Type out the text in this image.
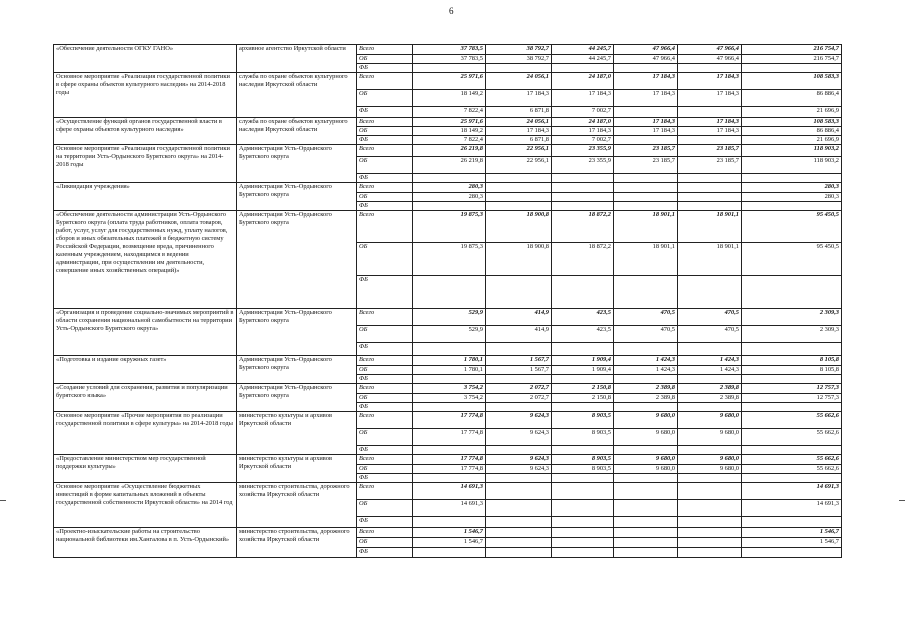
6
«Обеспечение деятельности ОГКУ ГАНО»	архивное агентство Иркутской области	Всего	37 783,5	38 792,7	44 245,7	47 966,4	47 966,4	216 754,7
		ОБ	37 783,5	38 792,7	44 245,7	47 966,4	47 966,4	216 754,7
		ФБ						
Основное мероприятие «Реализация государственной политики в сфере охраны объектов культурного наследия» на 2014-2018 годы	служба по охране объектов культурного наследия Иркутской области	Всего	25 971,6	24 056,1	24 187,0	17 184,3	17 184,3	108 583,3
		ОБ	18 149,2	17 184,3	17 184,3	17 184,3	17 184,3	86 886,4
		ФБ	7 822,4	6 871,8	7 002,7			21 696,9
«Осуществление функций органов государственной власти в сфере охраны объектов культурного наследия»	служба по охране объектов культурного наследия Иркутской области	Всего	25 971,6	24 056,1	24 187,0	17 184,3	17 184,3	108 583,3
		ОБ	18 149,2	17 184,3	17 184,3	17 184,3	17 184,3	86 886,4
		ФБ	7 822,4	6 871,8	7 002,7			21 696,9
Основное мероприятие «Реализация государственной политики на территории Усть-Ордынского Бурятского округа» на 2014-2018 годы	Администрация Усть-Ордынского Бурятского округа	Всего	26 219,8	22 956,1	23 355,9	23 185,7	23 185,7	118 903,2
		ОБ	26 219,8	22 956,1	23 355,9	23 185,7	23 185,7	118 903,2
		ФБ						
«Ликвидация учреждения»	Администрация Усть-Ордынского Бурятского округа	Всего	280,3					280,3
		ОБ	280,3					280,3
		ФБ						
«Обеспечение деятельности администрации Усть-Ордынского Бурятского округа (оплата труда работников, оплата товаров, работ, услуг, услуг для государственных нужд, уплату налогов, сборов и иных обязательных платежей в бюджетную систему Российской Федерации, возмещение вреда, причиненного казенным учреждением, находящимся в ведении администрации, при осуществлении им деятельности, совершение иных хозяйственных операций)»	Администрация Усть-Ордынского Бурятского округа	Всего	19 875,3	18 900,8	18 872,2	18 901,1	18 901,1	95 450,5
		ОБ	19 875,3	18 900,8	18 872,2	18 901,1	18 901,1	95 450,5
		ФБ						
«Организация и проведение социально-значимых мероприятий в области сохранения национальной самобытности на территории Усть-Ордынского Бурятского округа»	Администрация Усть-Ордынского Бурятского округа	Всего	529,9	414,9	423,5	470,5	470,5	2 309,3
		ОБ	529,9	414,9	423,5	470,5	470,5	2 309,3
		ФБ						
«Подготовка и издание окружных газет»	Администрация Усть-Ордынского Бурятского округа	Всего	1 780,1	1 567,7	1 909,4	1 424,3	1 424,3	8 105,8
		ОБ	1 780,1	1 567,7	1 909,4	1 424,3	1 424,3	8 105,8
		ФБ						
«Создание условий для сохранения, развития и популяризации бурятского языка»	Администрация Усть-Ордынского Бурятского округа	Всего	3 754,2	2 072,7	2 150,8	2 389,8	2 389,8	12 757,3
		ОБ	3 754,2	2 072,7	2 150,8	2 389,8	2 389,8	12 757,3
		ФБ						
Основное мероприятие «Прочие мероприятия по реализации государственной политики в сфере культуры» на 2014-2018 годы	министерство культуры и архивов Иркутской области	Всего	17 774,8	9 624,3	8 903,5	9 680,0	9 680,0	55 662,6
		ОБ	17 774,8	9 624,3	8 903,5	9 680,0	9 680,0	55 662,6
		ФБ						
«Предоставление министерством мер государственной поддержки культуры»	министерство культуры и архивов Иркутской области	Всего	17 774,8	9 624,3	8 903,5	9 680,0	9 680,0	55 662,6
		ОБ	17 774,8	9 624,3	8 903,5	9 680,0	9 680,0	55 662,6
		ФБ						
Основное мероприятие «Осуществление бюджетных инвестиций в форме капитальных вложений в объекты государственной собственности Иркутской области» на 2014 год	министерство строительства, дорожного хозяйства Иркутской области	Всего	14 691,3					14 691,3
		ОБ	14 691,3					14 691,3
		ФБ						
«Проектно-изыскательские работы на строительство национальной библиотеки им.Хангалова в п. Усть-Ордынский»	министерство строительства, дорожного хозяйства Иркутской области	Всего	1 546,7					1 546,7
		ОБ	1 546,7					1 546,7
		ФБ						
